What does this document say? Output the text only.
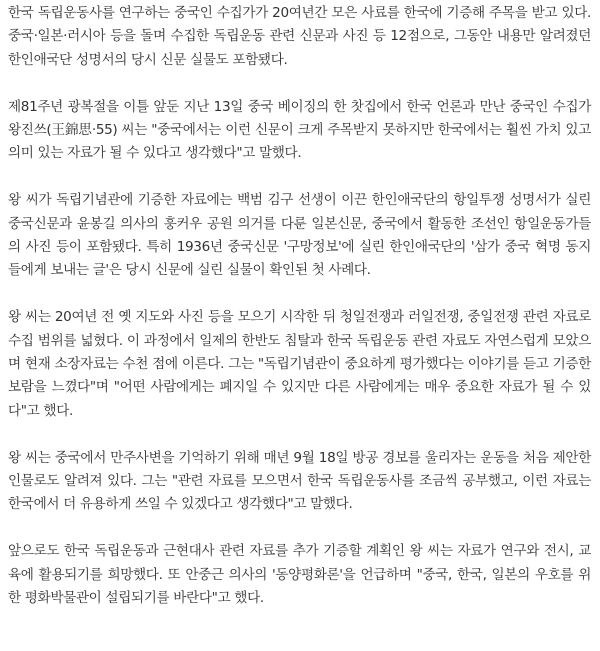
한국 독립운동사를 연구하는 중국인 수집가가 20여년간 모은 사료를 한국에 기증해 주목을 받고 있다. 중국·일본·러시아 등을 돌며 수집한 독립운동 관련 신문과 사진 등 12점으로, 그동안 내용만 알려졌던 한인애국단 성명서의 당시 신문 실물도 포함됐다.

제81주년 광복절을 이틀 앞둔 지난 13일 중국 베이징의 한 찻집에서 한국 언론과 만난 중국인 수집가 왕진쓰(王錦思·55) 씨는 "중국에서는 이런 신문이 크게 주목받지 못하지만 한국에서는 훨씬 가치 있고 의미 있는 자료가 될 수 있다고 생각했다"고 말했다.

왕 씨가 독립기념관에 기증한 자료에는 백범 김구 선생이 이끈 한인애국단의 항일투쟁 성명서가 실린 중국신문과 윤봉길 의사의 훙커우 공원 의거를 다룬 일본신문, 중국에서 활동한 조선인 항일운동가들의 사진 등이 포함됐다. 특히 1936년 중국신문 '구망정보'에 실린 한인애국단의 '삼가 중국 혁명 동지들에게 보내는 글'은 당시 신문에 실린 실물이 확인된 첫 사례다.

왕 씨는 20여년 전 옛 지도와 사진 등을 모으기 시작한 뒤 청일전쟁과 러일전쟁, 중일전쟁 관련 자료로 수집 범위를 넓혔다. 이 과정에서 일제의 한반도 침탈과 한국 독립운동 관련 자료도 자연스럽게 모았으며 현재 소장자료는 수천 점에 이른다. 그는 "독립기념관이 중요하게 평가했다는 이야기를 듣고 기증한 보람을 느꼈다"며 "어떤 사람에게는 폐지일 수 있지만 다른 사람에게는 매우 중요한 자료가 될 수 있다"고 했다.

왕 씨는 중국에서 만주사변을 기억하기 위해 매년 9월 18일 방공 경보를 울리자는 운동을 처음 제안한 인물로도 알려져 있다. 그는 "관련 자료를 모으면서 한국 독립운동사를 조금씩 공부했고, 이런 자료는 한국에서 더 유용하게 쓰일 수 있겠다고 생각했다"고 말했다.

앞으로도 한국 독립운동과 근현대사 관련 자료를 추가 기증할 계획인 왕 씨는 자료가 연구와 전시, 교육에 활용되기를 희망했다. 또 안중근 의사의 '동양평화론'을 언급하며 "중국, 한국, 일본의 우호를 위한 평화박물관이 설립되기를 바란다"고 했다.
